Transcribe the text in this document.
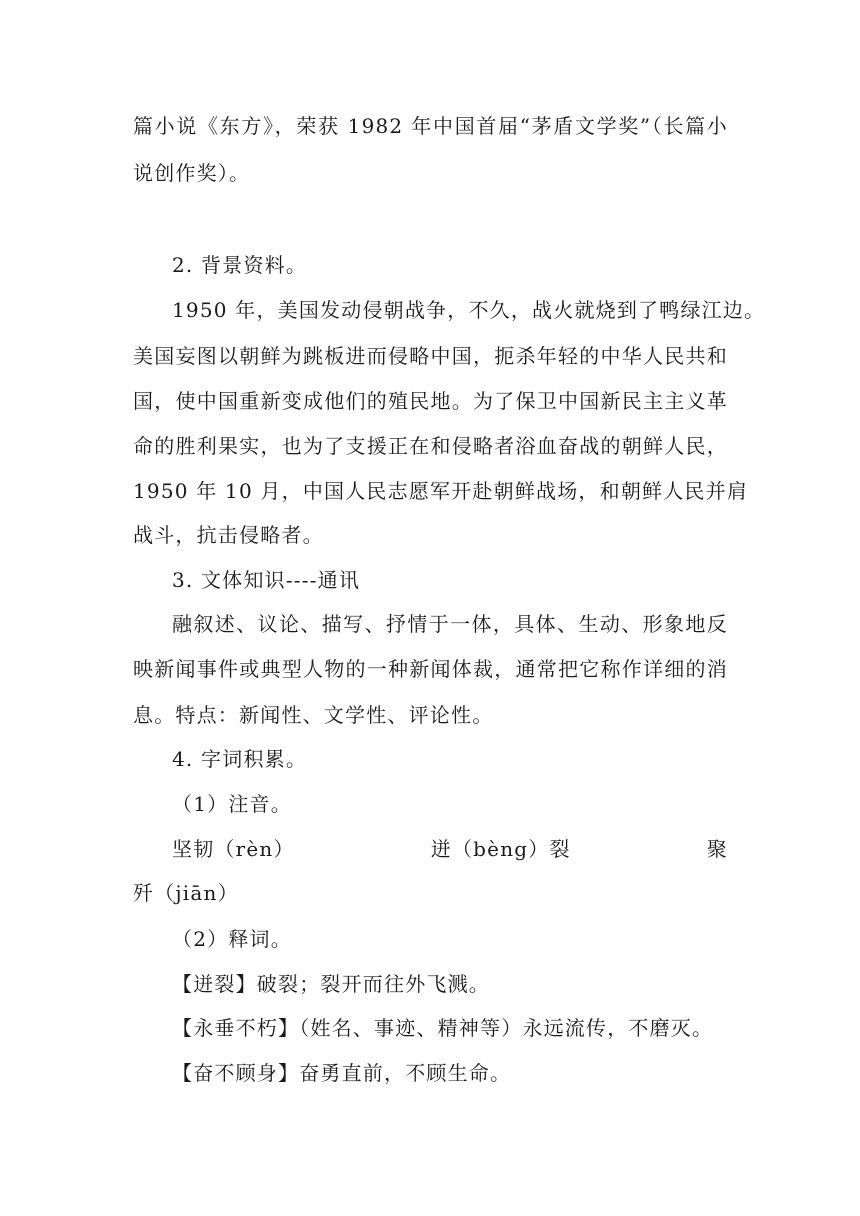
篇小说《东方》，荣获 1982 年中国首届“茅盾文学奖”（长篇小
说创作奖）。
2. 背景资料。
1950 年，美国发动侵朝战争，不久，战火就烧到了鸭绿江边。
美国妄图以朝鲜为跳板进而侵略中国，扼杀年轻的中华人民共和
国，使中国重新变成他们的殖民地。为了保卫中国新民主主义革
命的胜利果实，也为了支援正在和侵略者浴血奋战的朝鲜人民，
1950 年 10 月，中国人民志愿军开赴朝鲜战场，和朝鲜人民并肩
战斗，抗击侵略者。
3. 文体知识----通讯
融叙述、议论、描写、抒情于一体，具体、生动、形象地反
映新闻事件或典型人物的一种新闻体裁，通常把它称作详细的消
息。特点：新闻性、文学性、评论性。
4. 字词积累。
（1）注音。
坚韧（rèn）	迸（bèng）裂	聚
歼（jiān）
（2）释词。
【迸裂】破裂；裂开而往外飞溅。
【永垂不朽】（姓名、事迹、精神等）永远流传，不磨灭。
【奋不顾身】奋勇直前，不顾生命。
